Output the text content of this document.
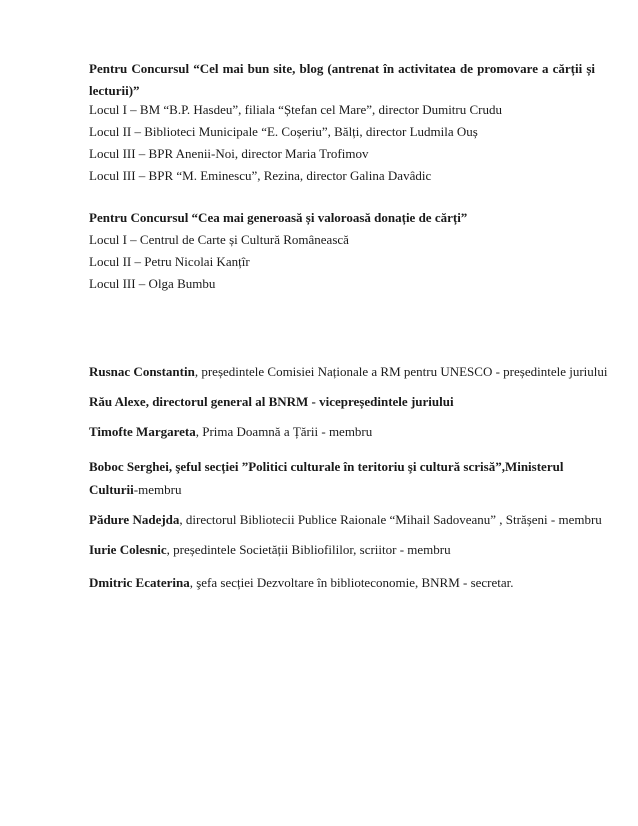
Pentru Concursul “Cel mai bun site, blog (antrenat în activitatea de promovare a cărții și
lecturii)”
Locul I – BM “B.P. Hasdeu”, filiala “Ștefan cel Mare”, director Dumitru Crudu
Locul II – Biblioteci Municipale “E. Coșeriu”, Bălți, director Ludmila Ouș
Locul III – BPR Anenii-Noi, director Maria Trofimov
Locul III – BPR “M. Eminescu”, Rezina, director Galina Davâdic
Pentru Concursul “Cea mai generoasă și valoroasă donație de cărți”
Locul I – Centrul de Carte și Cultură Românească
Locul II – Petru Nicolai Kanțîr
Locul III – Olga Bumbu
Rusnac Constantin, președintele Comisiei Naționale a RM pentru UNESCO - președintele juriului
Rău Alexe, directorul general al BNRM - vicepreședintele juriului
Timofte Margareta, Prima Doamnă a Țării - membru
Boboc Serghei, şeful secției ”Politici culturale în teritoriu şi cultură scrisă”,Ministerul
Culturii-membru
Pădure Nadejda, directorul Bibliotecii Publice Raionale “Mihail Sadoveanu” , Strășeni - membru
Iurie Colesnic, președintele Societății Bibliofililor, scriitor - membru
Dmitric Ecaterina, şefa secției Dezvoltare în biblioteconomie, BNRM - secretar.
